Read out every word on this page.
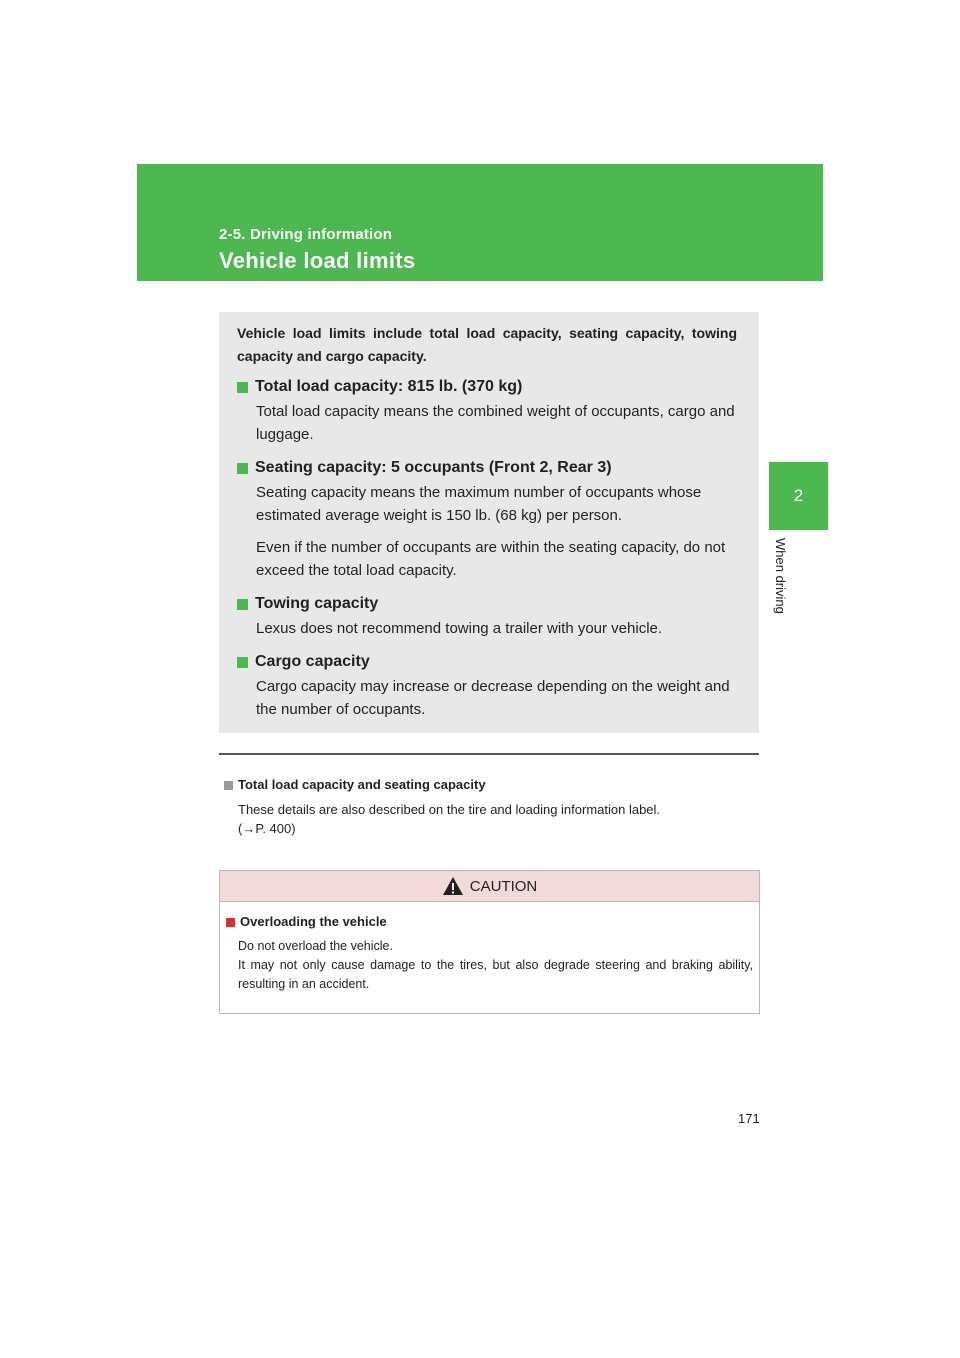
2-5. Driving information
Vehicle load limits
2
When driving

Vehicle load limits include total load capacity, seating capacity, towing capacity and cargo capacity.

Total load capacity: 815 lb. (370 kg)

Total load capacity means the combined weight of occupants, cargo and luggage.

Seating capacity: 5 occupants (Front 2, Rear 3)

Seating capacity means the maximum number of occupants whose estimated average weight is 150 lb. (68 kg) per person.

Even if the number of occupants are within the seating capacity, do not exceed the total load capacity.

Towing capacity

Lexus does not recommend towing a trailer with your vehicle.

Cargo capacity

Cargo capacity may increase or decrease depending on the weight and the number of occupants.

Total load capacity and seating capacity
These details are also described on the tire and loading information label.
(→P. 400)
CAUTION
Overloading the vehicle
Do not overload the vehicle.
It may not only cause damage to the tires, but also degrade steering and braking ability, resulting in an accident.
171
